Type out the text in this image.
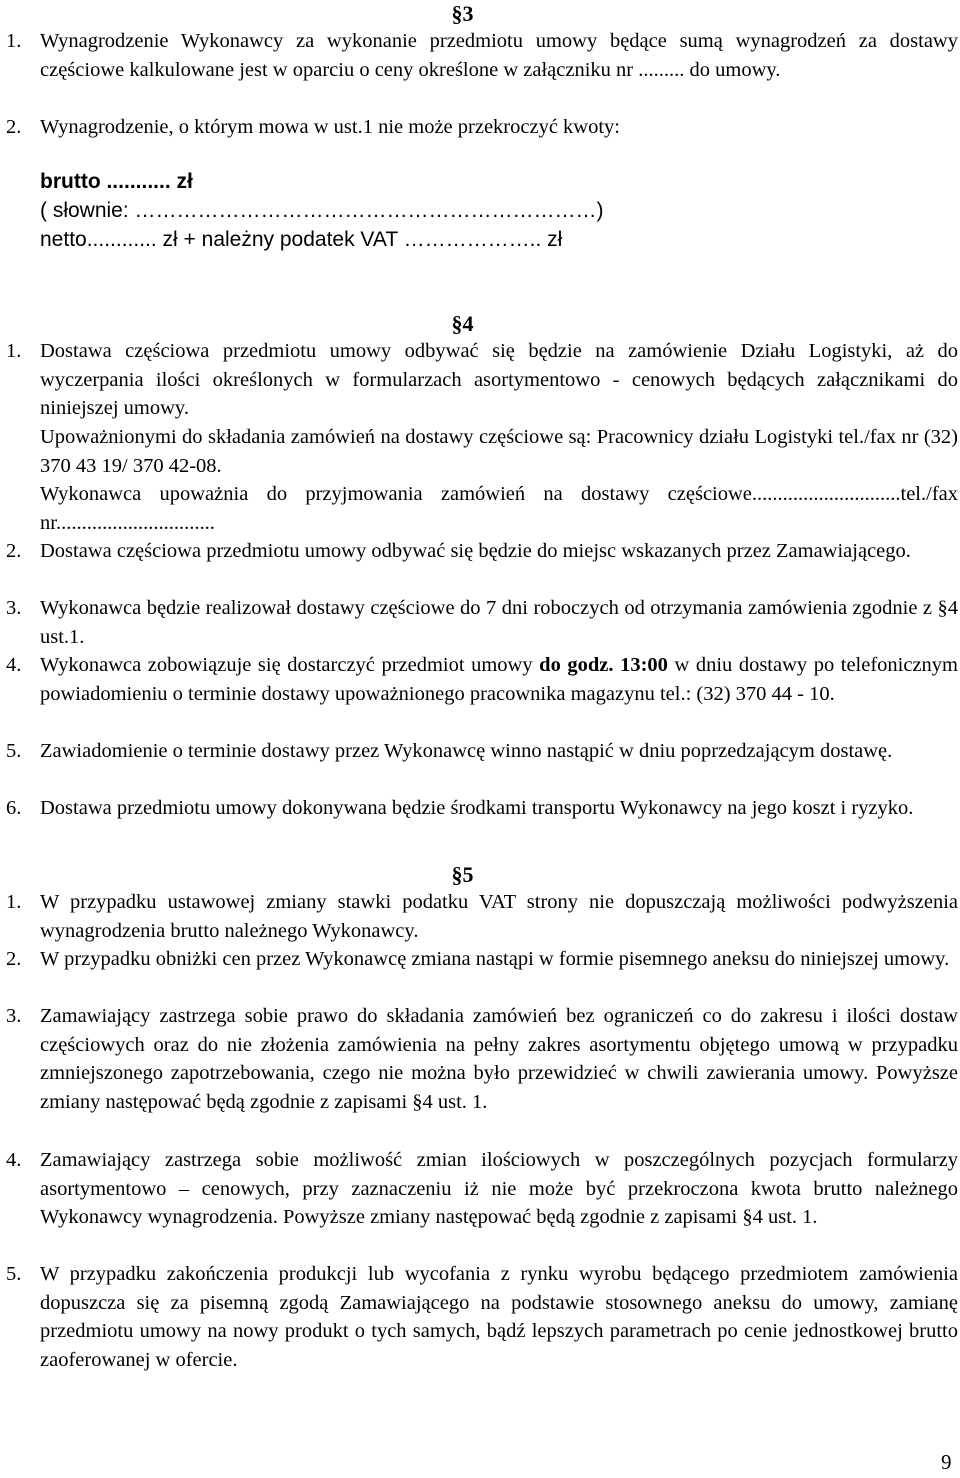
§3
1. Wynagrodzenie Wykonawcy za wykonanie przedmiotu umowy będące sumą wynagrodzeń za dostawy częściowe kalkulowane jest w oparciu o ceny określone w załączniku nr ......... do umowy.
2. Wynagrodzenie, o którym mowa w ust.1 nie może przekroczyć kwoty:
brutto ........... zł
( słownie: …………………………………………………………)
netto............ zł + należny podatek VAT ……………….. zł
§4
1. Dostawa częściowa przedmiotu umowy odbywać się będzie na zamówienie Działu Logistyki, aż do wyczerpania ilości określonych w formularzach asortymentowo - cenowych będących załącznikami do niniejszej umowy.
Upoważnionymi do składania zamówień na dostawy częściowe są: Pracownicy działu Logistyki tel./fax nr (32) 370 43 19/ 370 42-08.
Wykonawca upoważnia do przyjmowania zamówień na dostawy częściowe.............................tel./fax nr...............................
2. Dostawa częściowa przedmiotu umowy odbywać się będzie do miejsc wskazanych przez Zamawiającego.
3. Wykonawca będzie realizował dostawy częściowe do 7 dni roboczych od otrzymania zamówienia zgodnie z §4 ust.1.
4. Wykonawca zobowiązuje się dostarczyć przedmiot umowy do godz. 13:00 w dniu dostawy po telefonicznym powiadomieniu o terminie dostawy upoważnionego pracownika magazynu tel.: (32) 370 44 - 10.
5. Zawiadomienie o terminie dostawy przez Wykonawcę winno nastąpić w dniu poprzedzającym dostawę.
6. Dostawa przedmiotu umowy dokonywana będzie środkami transportu Wykonawcy na jego koszt i ryzyko.
§5
1. W przypadku ustawowej zmiany stawki podatku VAT strony nie dopuszczają możliwości podwyższenia wynagrodzenia brutto należnego Wykonawcy.
2. W przypadku obniżki cen przez Wykonawcę zmiana nastąpi w formie pisemnego aneksu do niniejszej umowy.
3. Zamawiający zastrzega sobie prawo do składania zamówień bez ograniczeń co do zakresu i ilości dostaw częściowych oraz do nie złożenia zamówienia na pełny zakres asortymentu objętego umową w przypadku zmniejszonego zapotrzebowania, czego nie można było przewidzieć w chwili zawierania umowy. Powyższe zmiany następować będą zgodnie z zapisami §4 ust. 1.
4. Zamawiający zastrzega sobie możliwość zmian ilościowych w poszczególnych pozycjach formularzy asortymentowo – cenowych, przy zaznaczeniu iż nie może być przekroczona kwota brutto należnego Wykonawcy wynagrodzenia. Powyższe zmiany następować będą zgodnie z zapisami §4 ust. 1.
5. W przypadku zakończenia produkcji lub wycofania z rynku wyrobu będącego przedmiotem zamówienia dopuszcza się za pisemną zgodą Zamawiającego na podstawie stosownego aneksu do umowy, zamianę przedmiotu umowy na nowy produkt o tych samych, bądź lepszych parametrach po cenie jednostkowej brutto zaoferowanej w ofercie.
9
